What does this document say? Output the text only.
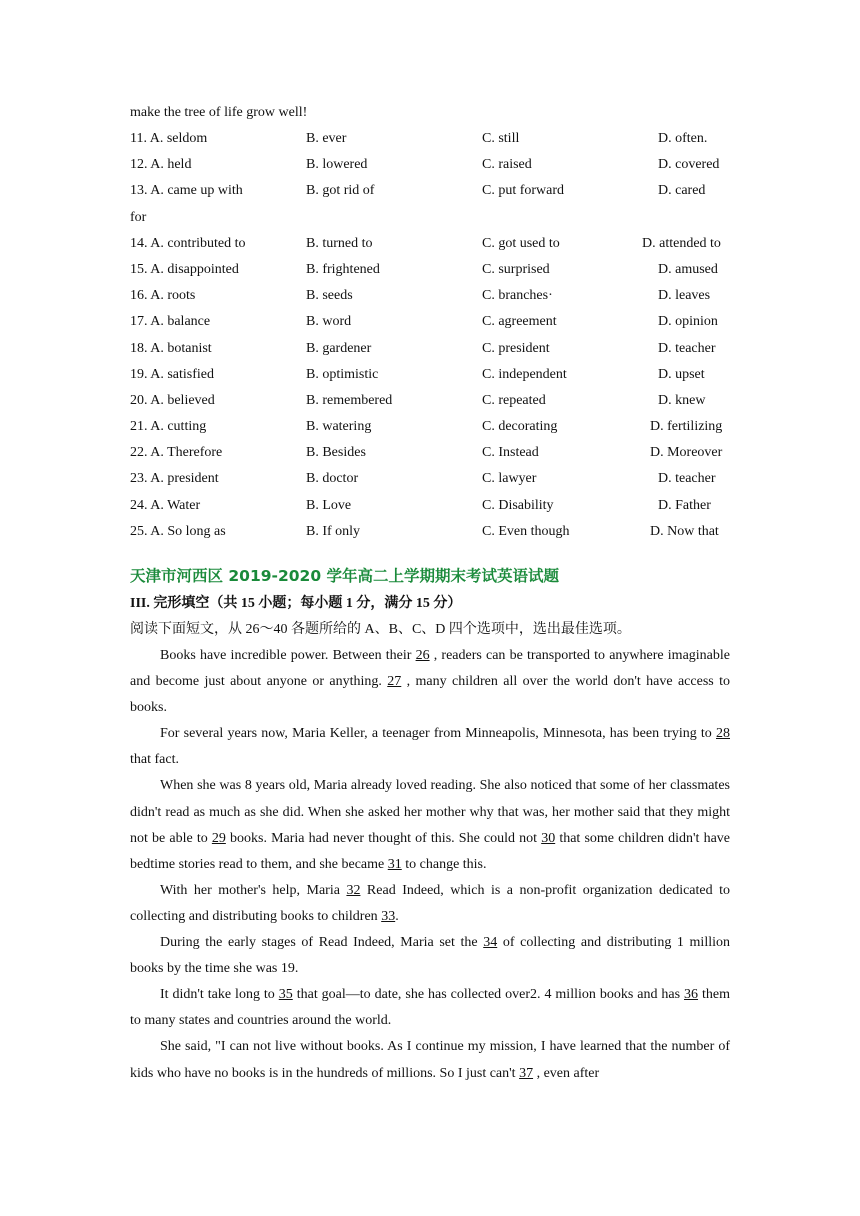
make the tree of life grow well!
11. A. seldom	B. ever	C. still	D. often.
12. A. held	B. lowered	C. raised	D. covered
13. A. came up with	B. got rid of	C. put forward	D. cared
for
14. A. contributed to	B. turned to	C. got used to	D. attended to
15. A. disappointed	B. frightened	C. surprised	D. amused
16. A. roots	B. seeds	C. branches·	D. leaves
17. A. balance	B. word	C. agreement	D. opinion
18. A. botanist	B. gardener	C. president	D. teacher
19. A. satisfied	B. optimistic	C. independent	D. upset
20. A. believed	B. remembered	C. repeated	D. knew
21. A. cutting	B. watering	C. decorating	D. fertilizing
22. A. Therefore	B. Besides	C. Instead	D. Moreover
23. A. president	B. doctor	C. lawyer	D. teacher
24. A. Water	B. Love	C. Disability	D. Father
25. A. So long as	B. If only	C. Even though	D. Now that
天津市河西区 2019-2020 学年高二上学期期末考试英语试题
III. 完形填空（共 15 小题；每小题 1 分，满分 15 分）
阅读下面短文，从 26～40 各题所给的 A、B、C、D 四个选项中，选出最佳选项。

Books have incredible power. Between their 26 , readers can be transported to anywhere imaginable and become just about anyone or anything. 27 , many children all over the world don't have access to books.

For several years now, Maria Keller, a teenager from Minneapolis, Minnesota, has been trying to 28 that fact.

When she was 8 years old, Maria already loved reading. She also noticed that some of her classmates didn't read as much as she did. When she asked her mother why that was, her mother said that they might not be able to 29 books. Maria had never thought of this. She could not 30 that some children didn't have bedtime stories read to them, and she became 31 to change this.

With her mother's help, Maria 32 Read Indeed, which is a non-profit organization dedicated to collecting and distributing books to children 33.

During the early stages of Read Indeed, Maria set the 34 of collecting and distributing 1 million books by the time she was 19.

It didn't take long to 35 that goal—to date, she has collected over2. 4 million books and has 36 them to many states and countries around the world.

She said, "I can not live without books. As I continue my mission, I have learned that the number of kids who have no books is in the hundreds of millions. So I just can't 37 , even after
